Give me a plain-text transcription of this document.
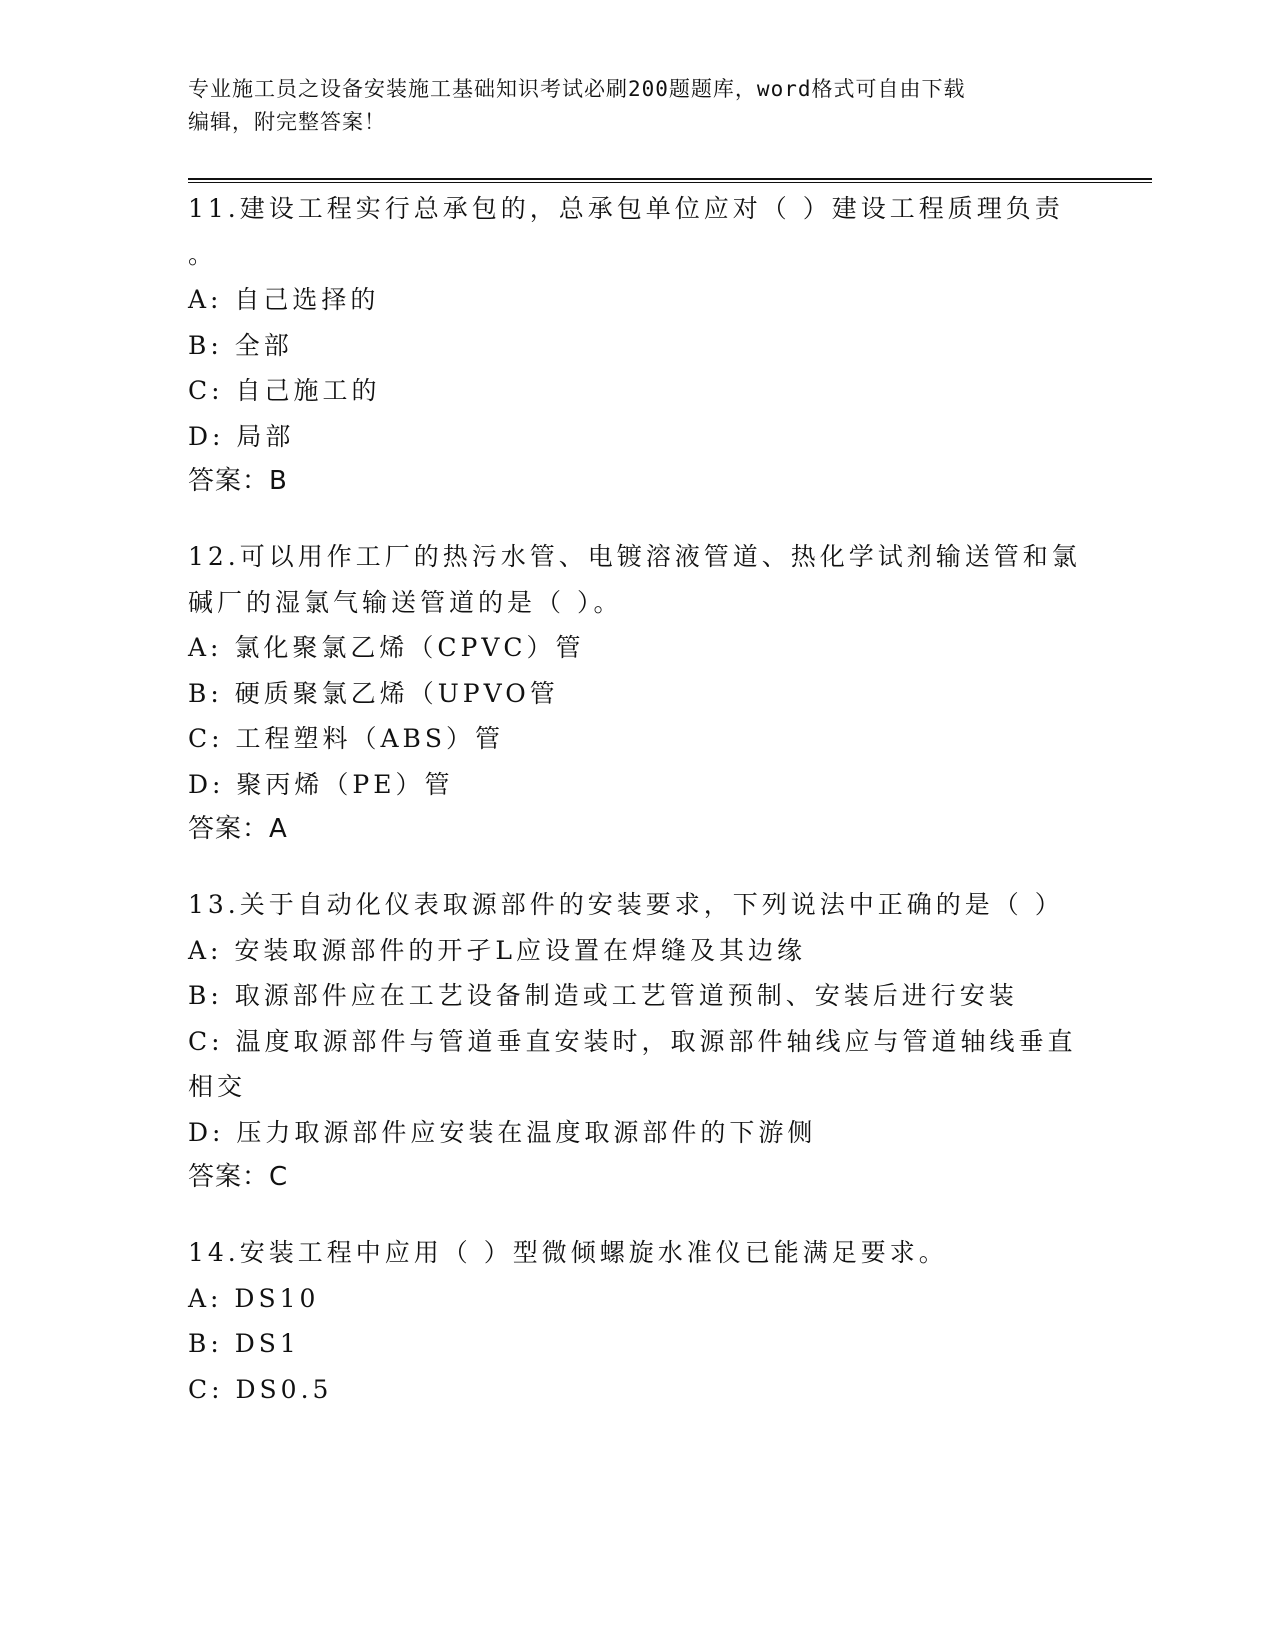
专业施工员之设备安装施工基础知识考试必刷200题题库，word格式可自由下载
编辑，附完整答案！
11.建设工程实行总承包的，总承包单位应对（ ）建设工程质理负责
。
A: 自己选择的
B: 全部
C: 自己施工的
D: 局部
答案：B
12.可以用作工厂的热污水管、电镀溶液管道、热化学试剂输送管和氯
碱厂的湿氯气输送管道的是（ ）。
A: 氯化聚氯乙烯（CPVC）管
B: 硬质聚氯乙烯（UPVO管
C: 工程塑料（ABS）管
D: 聚丙烯（PE）管
答案：A
13.关于自动化仪表取源部件的安装要求，下列说法中正确的是（ ）
A: 安装取源部件的开孑L应设置在焊缝及其边缘
B: 取源部件应在工艺设备制造或工艺管道预制、安装后进行安装
C: 温度取源部件与管道垂直安装时，取源部件轴线应与管道轴线垂直
相交
D: 压力取源部件应安装在温度取源部件的下游侧
答案：C
14.安装工程中应用（ ）型微倾螺旋水准仪已能满足要求。
A: DS10
B: DS1
C: DS0.5
